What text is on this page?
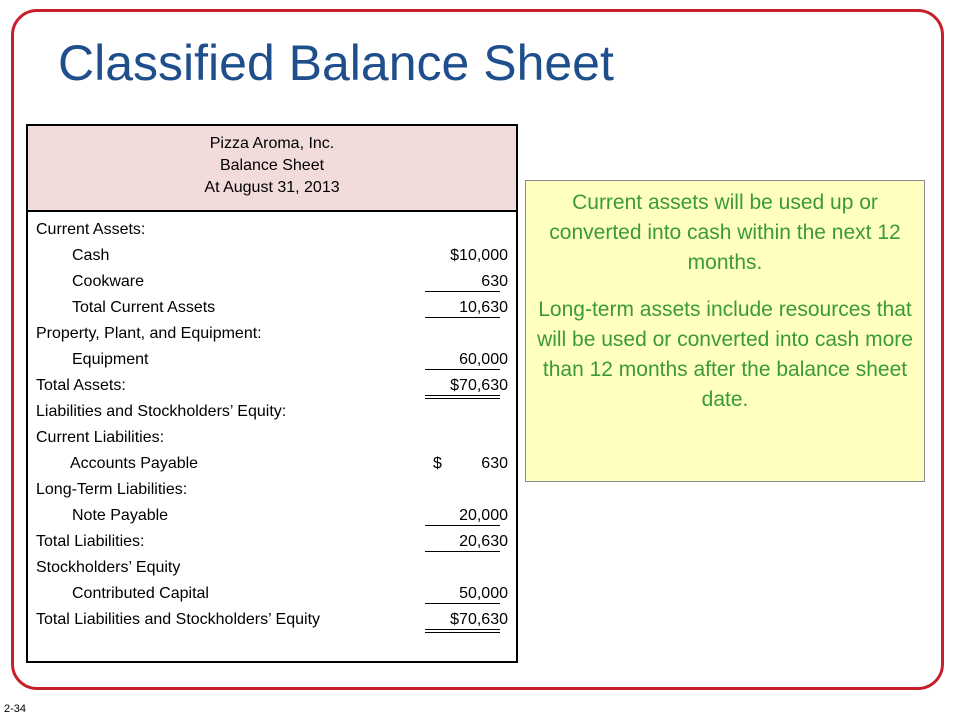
Classified Balance Sheet
Pizza Aroma, Inc.
Balance Sheet
At August 31, 2013
Current Assets:
Cash	$10,000
Cookware	630
Total Current Assets	10,630
Property, Plant, and Equipment:
Equipment	60,000
Total Assets:	$70,630
Liabilities and Stockholders’ Equity:
Current Liabilities:
Accounts Payable	$ 630
Long-Term Liabilities:
Note Payable	20,000
Total Liabilities:	20,630
Stockholders’ Equity
Contributed Capital	50,000
Total Liabilities and Stockholders’ Equity	$70,630

Current assets will be used up or converted into cash within the next 12 months.

Long-term assets include resources that will be used or converted into cash more than 12 months after the balance sheet date.

2-34
